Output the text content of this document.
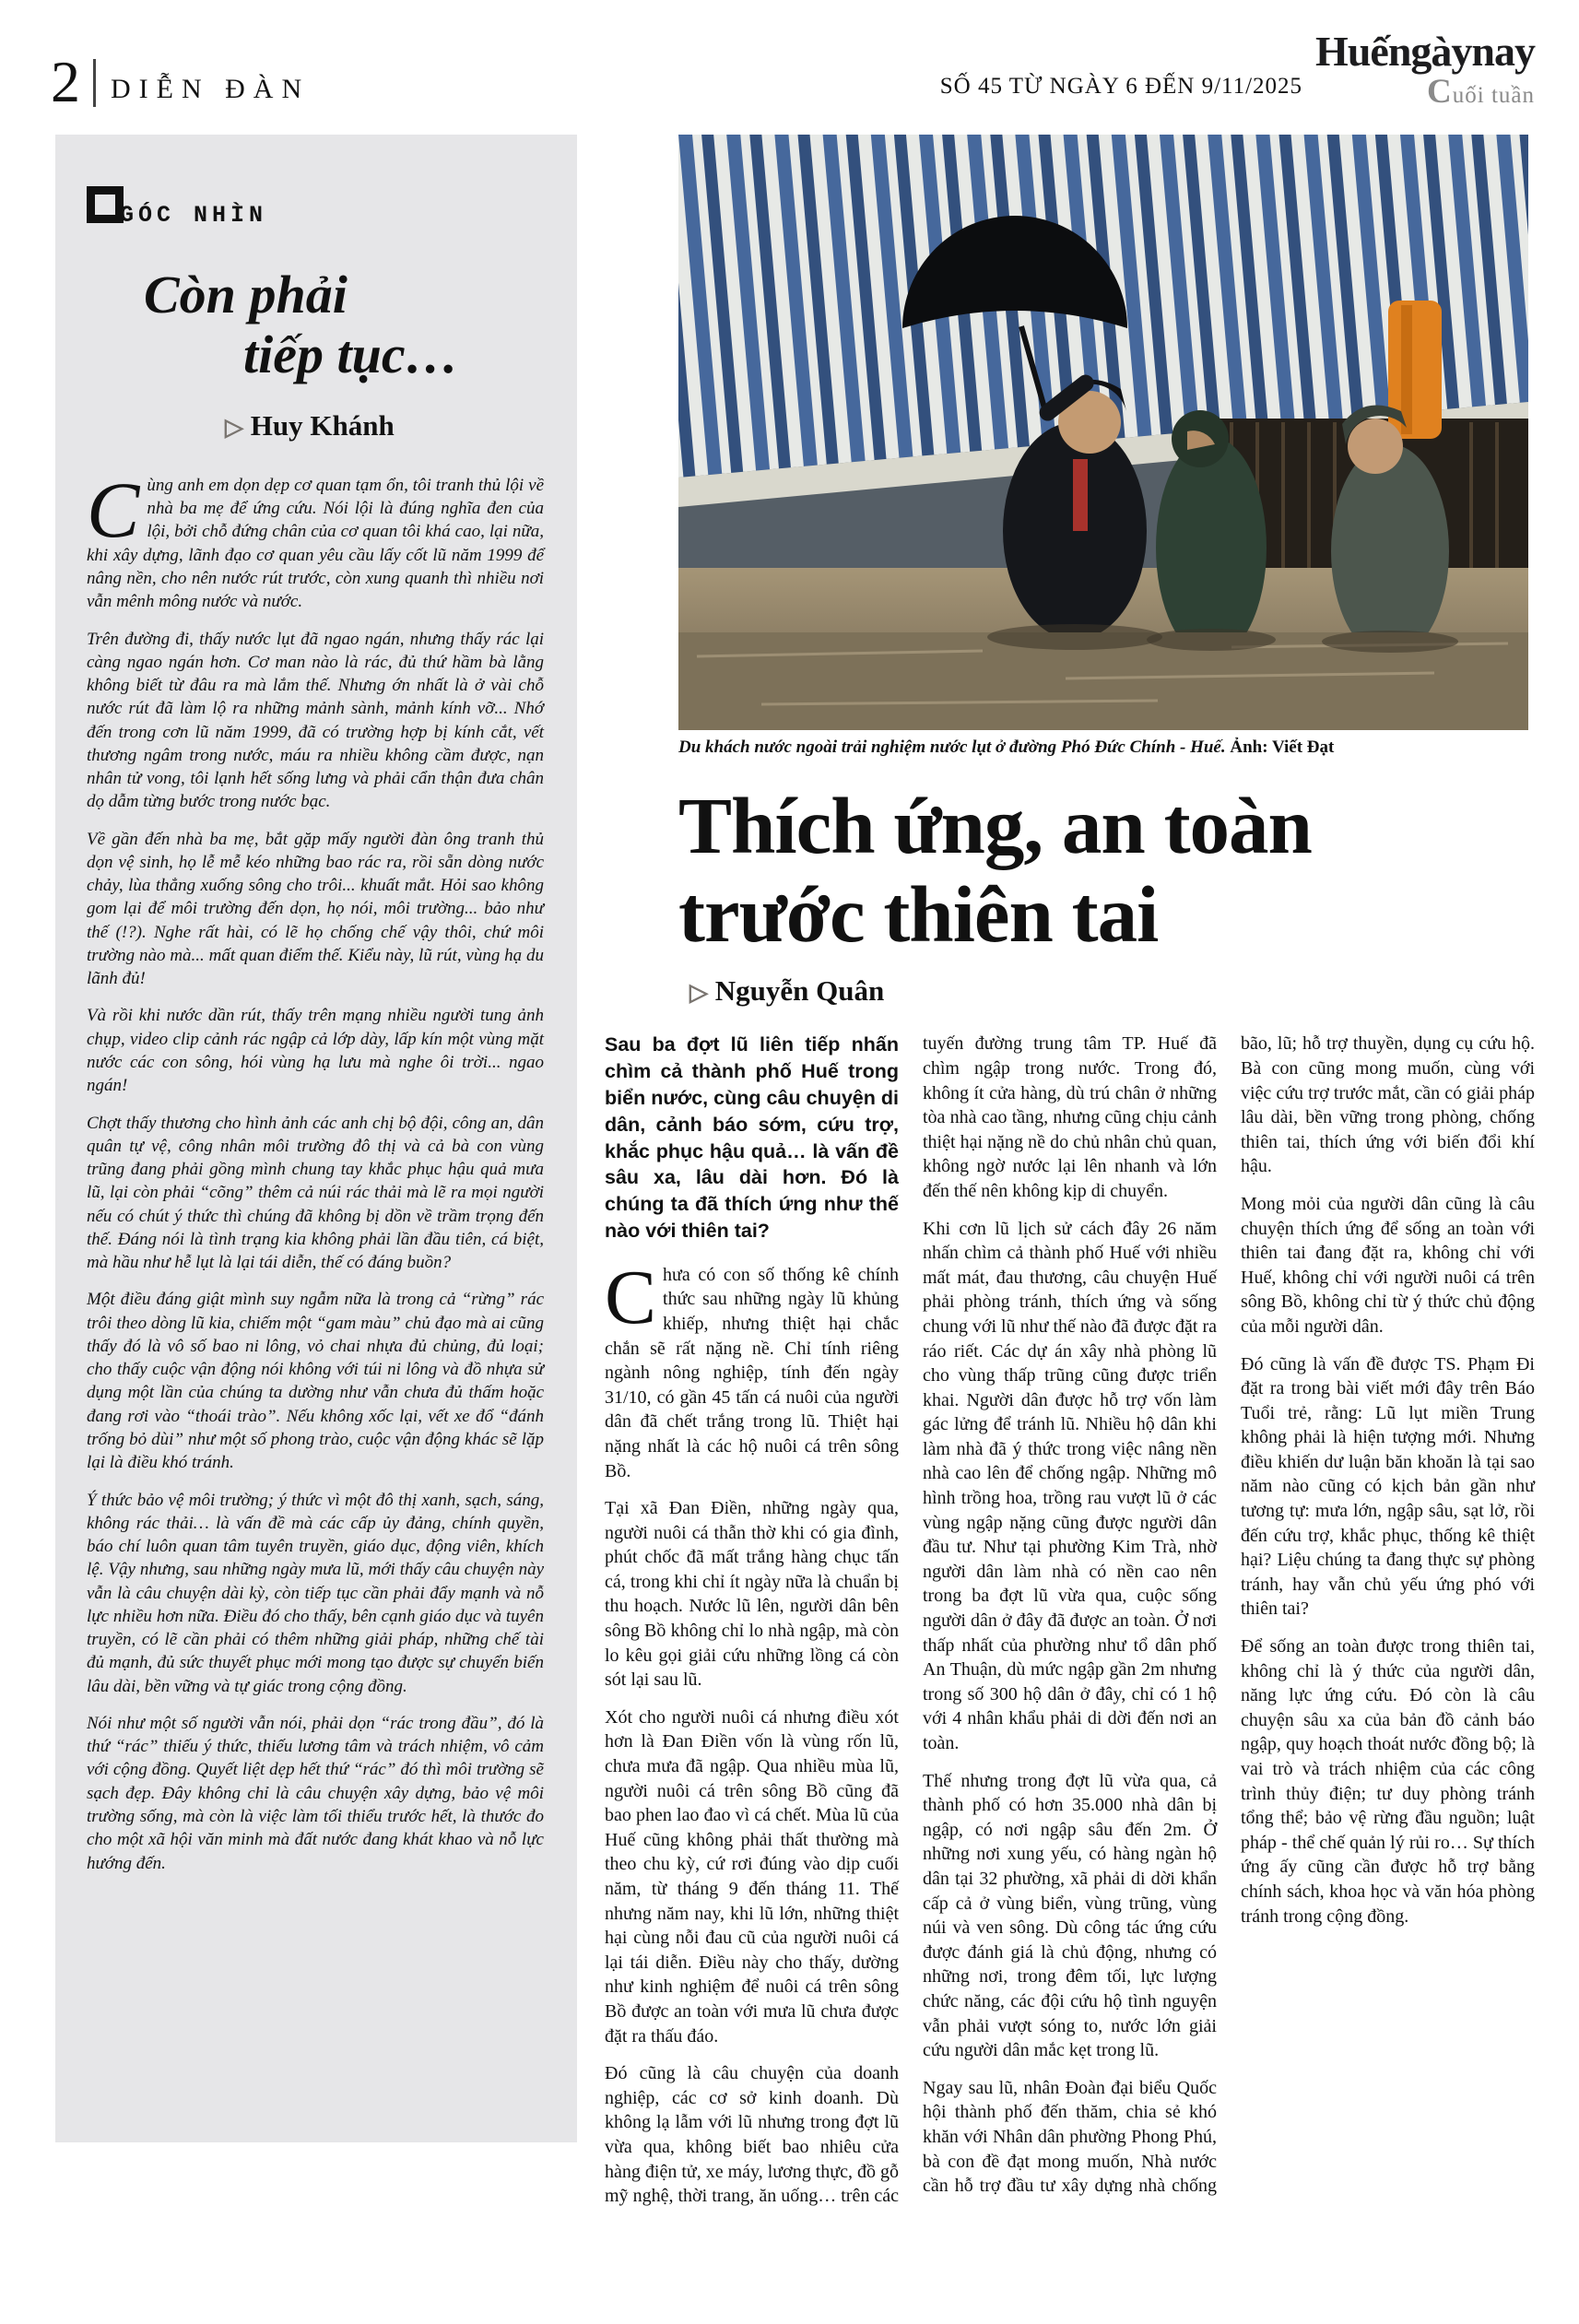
2 DIỄN ĐÀN	SỐ 45 TỪ NGÀY 6 ĐẾN 9/11/2025
Huếngàynay
Cuối tuần
GÓC NHÌN
Còn phải
tiếp tục…
▷ Huy Khánh

Cùng anh em dọn dẹp cơ quan tạm ổn, tôi tranh thủ lội về nhà ba mẹ để ứng cứu. Nói lội là đúng nghĩa đen của lội, bởi chỗ đứng chân của cơ quan tôi khá cao, lại nữa, khi xây dựng, lãnh đạo cơ quan yêu cầu lấy cốt lũ năm 1999 để nâng nền, cho nên nước rút trước, còn xung quanh thì nhiều nơi vẫn mênh mông nước và nước.

Trên đường đi, thấy nước lụt đã ngao ngán, nhưng thấy rác lại càng ngao ngán hơn. Cơ man nào là rác, đủ thứ hầm bà lằng không biết từ đâu ra mà lắm thế. Nhưng ớn nhất là ở vài chỗ nước rút đã làm lộ ra những mảnh sành, mảnh kính vỡ... Nhớ đến trong cơn lũ năm 1999, đã có trường hợp bị kính cắt, vết thương ngâm trong nước, máu ra nhiều không cầm được, nạn nhân tử vong, tôi lạnh hết sống lưng và phải cẩn thận đưa chân dọ dẫm từng bước trong nước bạc.

Về gần đến nhà ba mẹ, bắt gặp mấy người đàn ông tranh thủ dọn vệ sinh, họ lễ mễ kéo những bao rác ra, rồi sẵn dòng nước chảy, lùa thẳng xuống sông cho trôi... khuất mắt. Hỏi sao không gom lại để môi trường đến dọn, họ nói, môi trường... bảo như thế (!?). Nghe rất hài, có lẽ họ chống chế vậy thôi, chứ môi trường nào mà... mất quan điểm thế. Kiểu này, lũ rút, vùng hạ du lãnh đủ!

Và rồi khi nước dần rút, thấy trên mạng nhiều người tung ảnh chụp, video clip cảnh rác ngập cả lớp dày, lấp kín một vùng mặt nước các con sông, hói vùng hạ lưu mà nghe ôi trời... ngao ngán!

Chợt thấy thương cho hình ảnh các anh chị bộ đội, công an, dân quân tự vệ, công nhân môi trường đô thị và cả bà con vùng trũng đang phải gồng mình chung tay khắc phục hậu quả mưa lũ, lại còn phải “cõng” thêm cả núi rác thải mà lẽ ra mọi người nếu có chút ý thức thì chúng đã không bị dồn về trầm trọng đến thế. Đáng nói là tình trạng kia không phải lần đầu tiên, cá biệt, mà hầu như hễ lụt là lại tái diễn, thế có đáng buồn?

Một điều đáng giật mình suy ngẫm nữa là trong cả “rừng” rác trôi theo dòng lũ kia, chiếm một “gam màu” chủ đạo mà ai cũng thấy đó là vô số bao ni lông, vỏ chai nhựa đủ chủng, đủ loại; cho thấy cuộc vận động nói không với túi ni lông và đồ nhựa sử dụng một lần của chúng ta dường như vẫn chưa đủ thấm hoặc đang rơi vào “thoái trào”. Nếu không xốc lại, vết xe đổ “đánh trống bỏ dùi” như một số phong trào, cuộc vận động khác sẽ lặp lại là điều khó tránh.

Ý thức bảo vệ môi trường; ý thức vì một đô thị xanh, sạch, sáng, không rác thải… là vấn đề mà các cấp ủy đảng, chính quyền, báo chí luôn quan tâm tuyên truyền, giáo dục, động viên, khích lệ. Vậy nhưng, sau những ngày mưa lũ, mới thấy câu chuyện này vẫn là câu chuyện dài kỳ, còn tiếp tục cần phải đẩy mạnh và nỗ lực nhiều hơn nữa. Điều đó cho thấy, bên cạnh giáo dục và tuyên truyền, có lẽ cần phải có thêm những giải pháp, những chế tài đủ mạnh, đủ sức thuyết phục mới mong tạo được sự chuyển biến lâu dài, bền vững và tự giác trong cộng đồng.

Nói như một số người vẫn nói, phải dọn “rác trong đầu”, đó là thứ “rác” thiếu ý thức, thiếu lương tâm và trách nhiệm, vô cảm với cộng đồng. Quyết liệt dẹp hết thứ “rác” đó thì môi trường sẽ sạch đẹp. Đây không chỉ là câu chuyện xây dựng, bảo vệ môi trường sống, mà còn là việc làm tối thiểu trước hết, là thước đo cho một xã hội văn minh mà đất nước đang khát khao và nỗ lực hướng đến.

Du khách nước ngoài trải nghiệm nước lụt ở đường Phó Đức Chính - Huế. Ảnh: Viết Đạt
Thích ứng, an toàn
trước thiên tai
▷ Nguyễn Quân

Sau ba đợt lũ liên tiếp nhấn chìm cả thành phố Huế trong biển nước, cùng câu chuyện di dân, cảnh báo sớm, cứu trợ, khắc phục hậu quả… là vấn đề sâu xa, lâu dài hơn. Đó là chúng ta đã thích ứng như thế nào với thiên tai?

Chưa có con số thống kê chính thức sau những ngày lũ khủng khiếp, nhưng thiệt hại chắc chắn sẽ rất nặng nề. Chỉ tính riêng ngành nông nghiệp, tính đến ngày 31/10, có gần 45 tấn cá nuôi của người dân đã chết trắng trong lũ. Thiệt hại nặng nhất là các hộ nuôi cá trên sông Bồ.

Tại xã Đan Điền, những ngày qua, người nuôi cá thẫn thờ khi có gia đình, phút chốc đã mất trắng hàng chục tấn cá, trong khi chỉ ít ngày nữa là chuẩn bị thu hoạch. Nước lũ lên, người dân bên sông Bồ không chỉ lo nhà ngập, mà còn lo kêu gọi giải cứu những lồng cá còn sót lại sau lũ.

Xót cho người nuôi cá nhưng điều xót hơn là Đan Điền vốn là vùng rốn lũ, chưa mưa đã ngập. Qua nhiều mùa lũ, người nuôi cá trên sông Bồ cũng đã bao phen lao đao vì cá chết. Mùa lũ của Huế cũng không phải thất thường mà theo chu kỳ, cứ rơi đúng vào dịp cuối năm, từ tháng 9 đến tháng 11. Thế nhưng năm nay, khi lũ lớn, những thiệt hại cùng nỗi đau cũ của người nuôi cá lại tái diễn. Điều này cho thấy, dường như kinh nghiệm để nuôi cá trên sông Bồ được an toàn với mưa lũ chưa được đặt ra thấu đáo.

Đó cũng là câu chuyện của doanh nghiệp, các cơ sở kinh doanh. Dù không lạ lẫm với lũ nhưng trong đợt lũ vừa qua, không biết bao nhiêu cửa hàng điện tử, xe máy, lương thực, đồ gỗ mỹ nghệ, thời trang, ăn uống… trên các tuyến đường trung tâm TP. Huế đã chìm ngập trong nước. Trong đó, không ít cửa hàng, dù trú chân ở những tòa nhà cao tầng, nhưng cũng chịu cảnh thiệt hại nặng nề do chủ nhân chủ quan, không ngờ nước lại lên nhanh và lớn đến thế nên không kịp di chuyển.

Khi cơn lũ lịch sử cách đây 26 năm nhấn chìm cả thành phố Huế với nhiều mất mát, đau thương, câu chuyện Huế phải phòng tránh, thích ứng và sống chung với lũ như thế nào đã được đặt ra ráo riết. Các dự án xây nhà phòng lũ cho vùng thấp trũng cũng được triển khai. Người dân được hỗ trợ vốn làm gác lửng để tránh lũ. Nhiều hộ dân khi làm nhà đã ý thức trong việc nâng nền nhà cao lên để chống ngập. Những mô hình trồng hoa, trồng rau vượt lũ ở các vùng ngập nặng cũng được người dân đầu tư. Như tại phường Kim Trà, nhờ người dân làm nhà có nền cao nên trong ba đợt lũ vừa qua, cuộc sống người dân ở đây đã được an toàn. Ở nơi thấp nhất của phường như tổ dân phố An Thuận, dù mức ngập gần 2m nhưng trong số 300 hộ dân ở đây, chỉ có 1 hộ với 4 nhân khẩu phải di dời đến nơi an toàn.

Thế nhưng trong đợt lũ vừa qua, cả thành phố có hơn 35.000 nhà dân bị ngập, có nơi ngập sâu đến 2m. Ở những nơi xung yếu, có hàng ngàn hộ dân tại 32 phường, xã phải di dời khẩn cấp cả ở vùng biển, vùng trũng, vùng núi và ven sông. Dù công tác ứng cứu được đánh giá là chủ động, nhưng có những nơi, trong đêm tối, lực lượng chức năng, các đội cứu hộ tình nguyện vẫn phải vượt sóng to, nước lớn giải cứu người dân mắc kẹt trong lũ.

Ngay sau lũ, nhân Đoàn đại biểu Quốc hội thành phố đến thăm, chia sẻ khó khăn với Nhân dân phường Phong Phú, bà con đề đạt mong muốn, Nhà nước cần hỗ trợ đầu tư xây dựng nhà chống bão, lũ; hỗ trợ thuyền, dụng cụ cứu hộ. Bà con cũng mong muốn, cùng với việc cứu trợ trước mắt, cần có giải pháp lâu dài, bền vững trong phòng, chống thiên tai, thích ứng với biến đổi khí hậu.

Mong mỏi của người dân cũng là câu chuyện thích ứng để sống an toàn với thiên tai đang đặt ra, không chỉ với Huế, không chỉ với người nuôi cá trên sông Bồ, không chỉ từ ý thức chủ động của mỗi người dân.

Đó cũng là vấn đề được TS. Phạm Đi đặt ra trong bài viết mới đây trên Báo Tuổi trẻ, rằng: Lũ lụt miền Trung không phải là hiện tượng mới. Nhưng điều khiến dư luận băn khoăn là tại sao năm nào cũng có kịch bản gần như tương tự: mưa lớn, ngập sâu, sạt lở, rồi đến cứu trợ, khắc phục, thống kê thiệt hại? Liệu chúng ta đang thực sự phòng tránh, hay vẫn chủ yếu ứng phó với thiên tai?

Để sống an toàn được trong thiên tai, không chỉ là ý thức của người dân, năng lực ứng cứu. Đó còn là câu chuyện sâu xa của bản đồ cảnh báo ngập, quy hoạch thoát nước đồng bộ; là vai trò và trách nhiệm của các công trình thủy điện; tư duy phòng tránh tổng thể; bảo vệ rừng đầu nguồn; luật pháp - thể chế quản lý rủi ro… Sự thích ứng ấy cũng cần được hỗ trợ bằng chính sách, khoa học và văn hóa phòng tránh trong cộng đồng.
